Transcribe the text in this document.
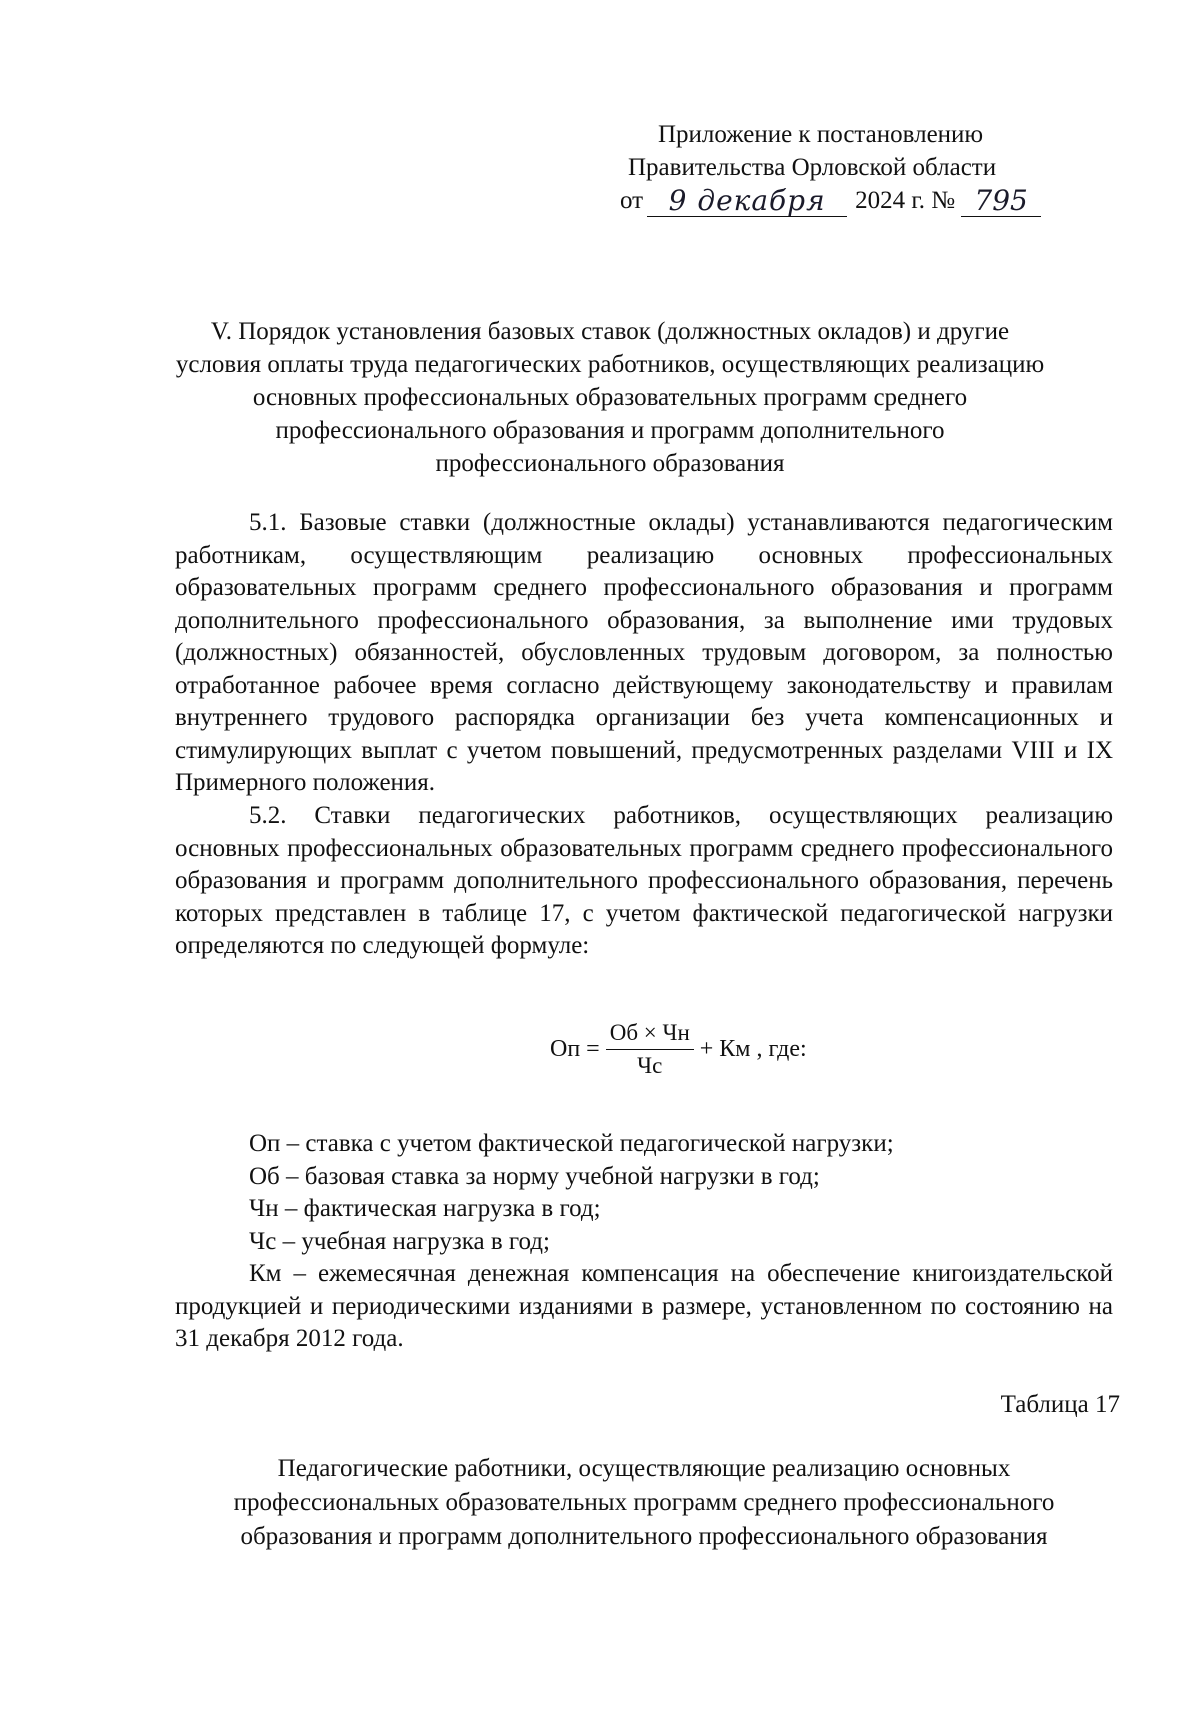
Приложение к постановлению
Правительства Орловской области
от 9 декабря	2024 г. № 795
V. Порядок установления базовых ставок (должностных окладов) и другие условия оплаты труда педагогических работников, осуществляющих реализацию основных профессиональных образовательных программ среднего профессионального образования и программ дополнительного профессионального образования

5.1. Базовые ставки (должностные оклады) устанавливаются педагогическим работникам, осуществляющим реализацию основных профессиональных образовательных программ среднего профессионального образования и программ дополнительного профессионального образования, за выполнение ими трудовых (должностных) обязанностей, обусловленных трудовым договором, за полностью отработанное рабочее время согласно действующему законодательству и правилам внутреннего трудового распорядка организации без учета компенсационных и стимулирующих выплат с учетом повышений, предусмотренных разделами VIII и IX Примерного положения.

5.2. Ставки педагогических работников, осуществляющих реализацию основных профессиональных образовательных программ среднего профессионального образования и программ дополнительного профессионального образования, перечень которых представлен в таблице 17, с учетом фактической педагогической нагрузки определяются по следующей формуле:

Оп = $\frac{Об \times Чн}{Чс}$ + Км , где:

Оп – ставка с учетом фактической педагогической нагрузки;

Об – базовая ставка за норму учебной нагрузки в год;

Чн – фактическая нагрузка в год;

Чс – учебная нагрузка в год;

Км – ежемесячная денежная компенсация на обеспечение книгоиздательской продукцией и периодическими изданиями в размере, установленном по состоянию на 31 декабря 2012 года.

Таблица 17
Педагогические работники, осуществляющие реализацию основных профессиональных образовательных программ среднего профессионального образования и программ дополнительного профессионального образования
